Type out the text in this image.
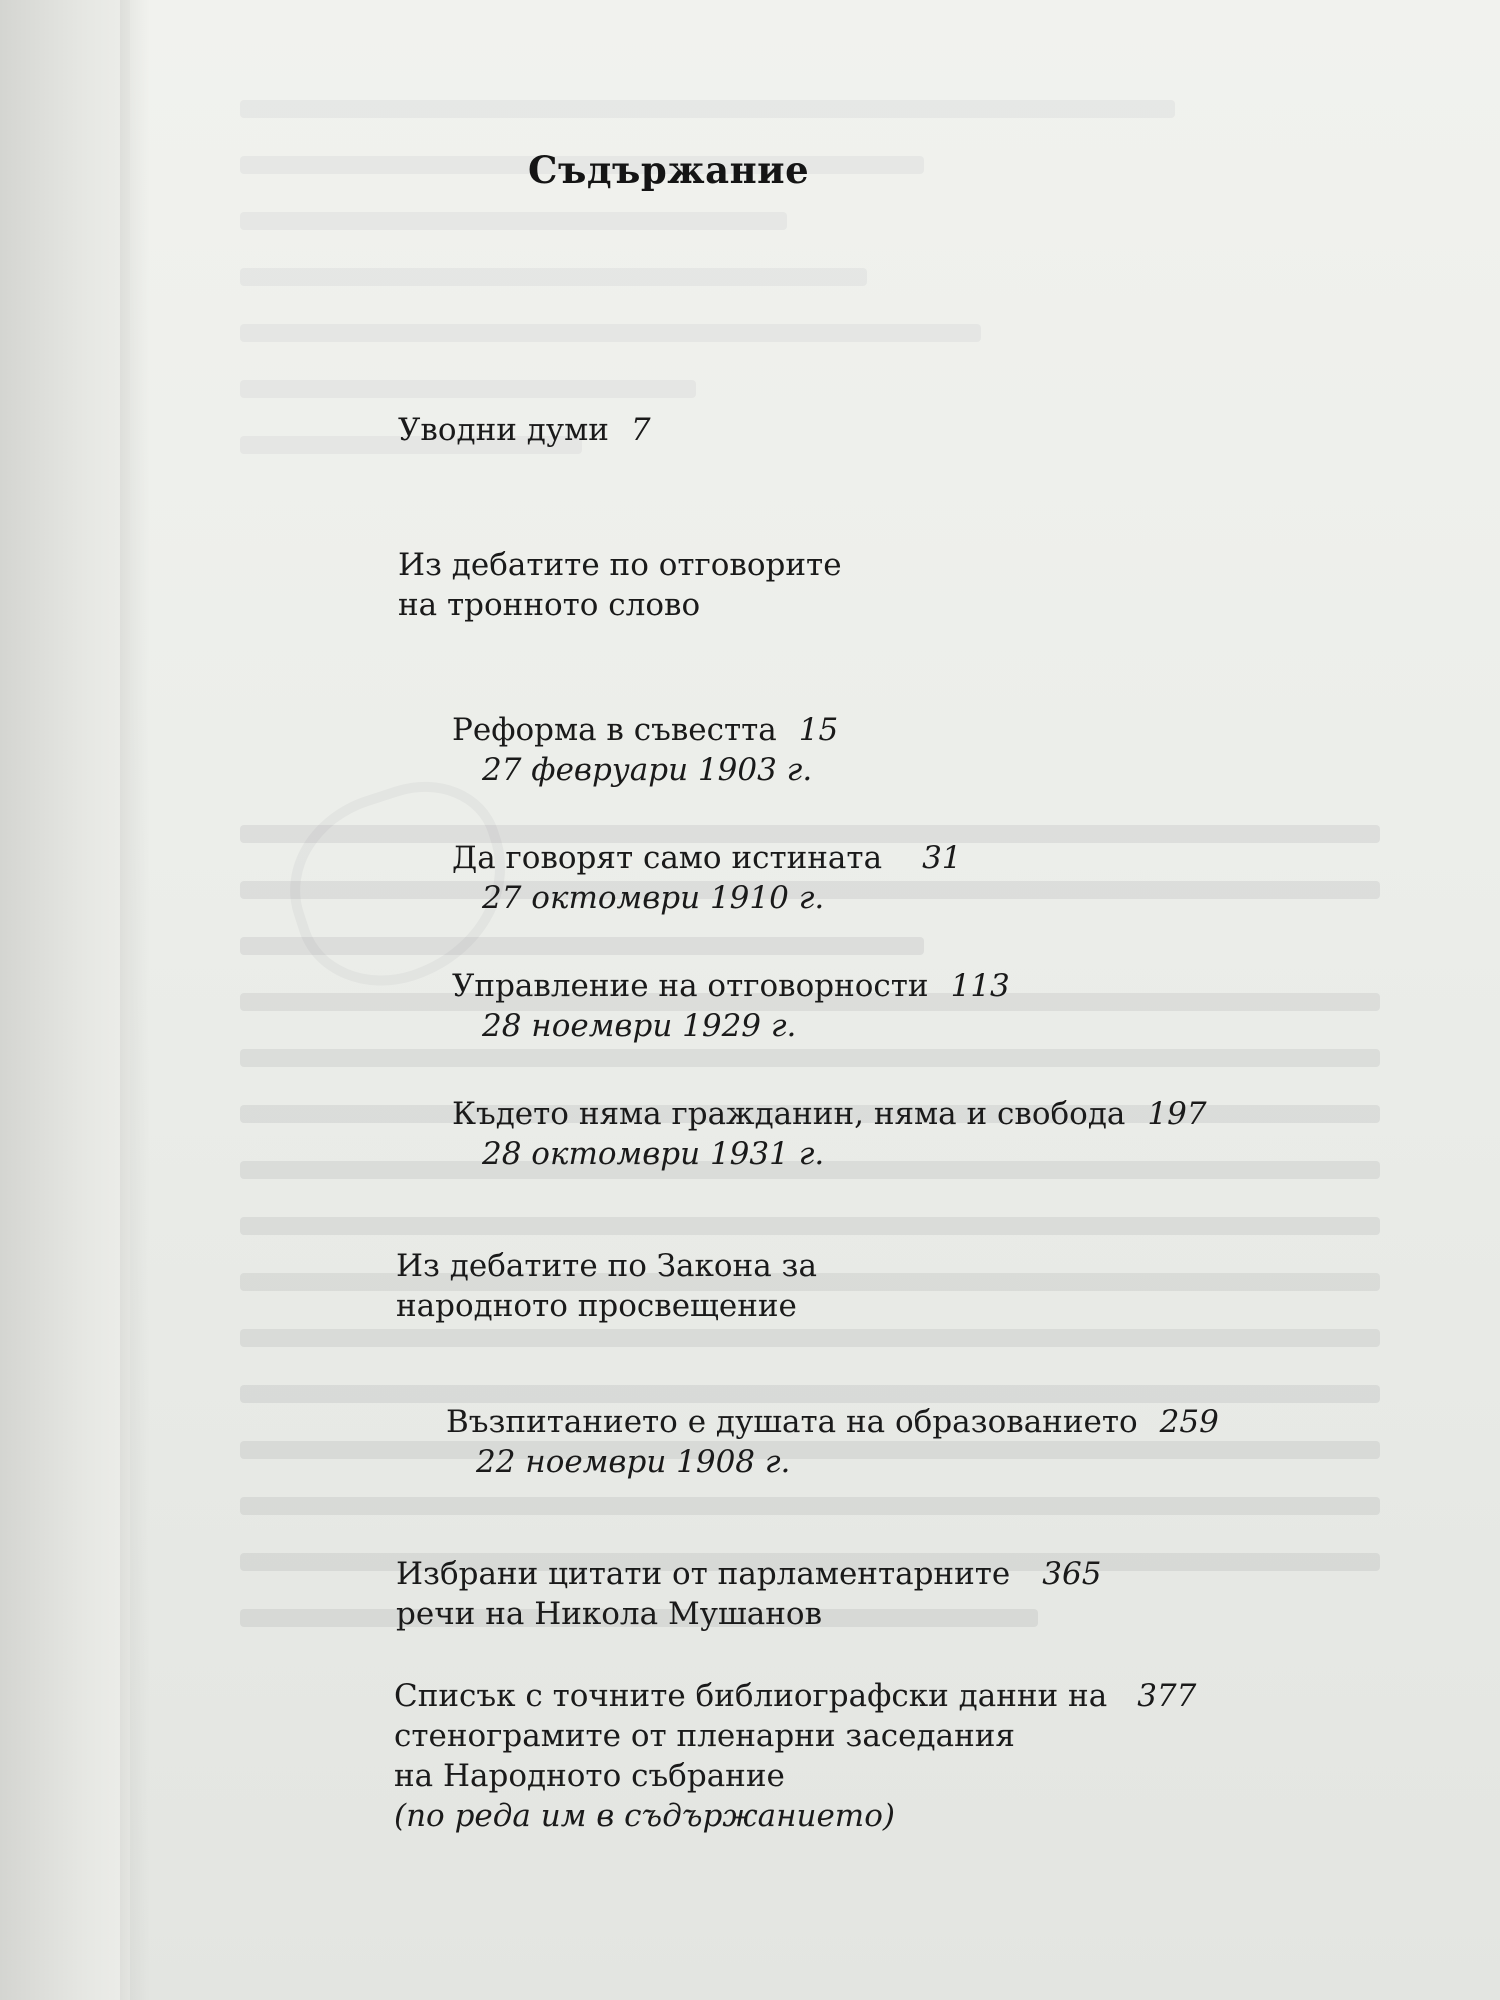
Съдържание
Уводни думи 7
Из дебатите по отговорите
на тронното слово
Реформа в съвестта 15
27 февруари 1903 г.
Да говорят само истината 31
27 октомври 1910 г.
Управление на отговорности 113
28 ноември 1929 г.
Където няма гражданин, няма и свобода 197
28 октомври 1931 г.
Из дебатите по Закона за
народното просвещение
Възпитанието е душата на образованието 259
22 ноември 1908 г.
Избрани цитати от парламентарните 365
речи на Никола Мушанов
Списък с точните библиографски данни на 377
стенограмите от пленарни заседания
на Народното събрание
(по реда им в съдържанието)
